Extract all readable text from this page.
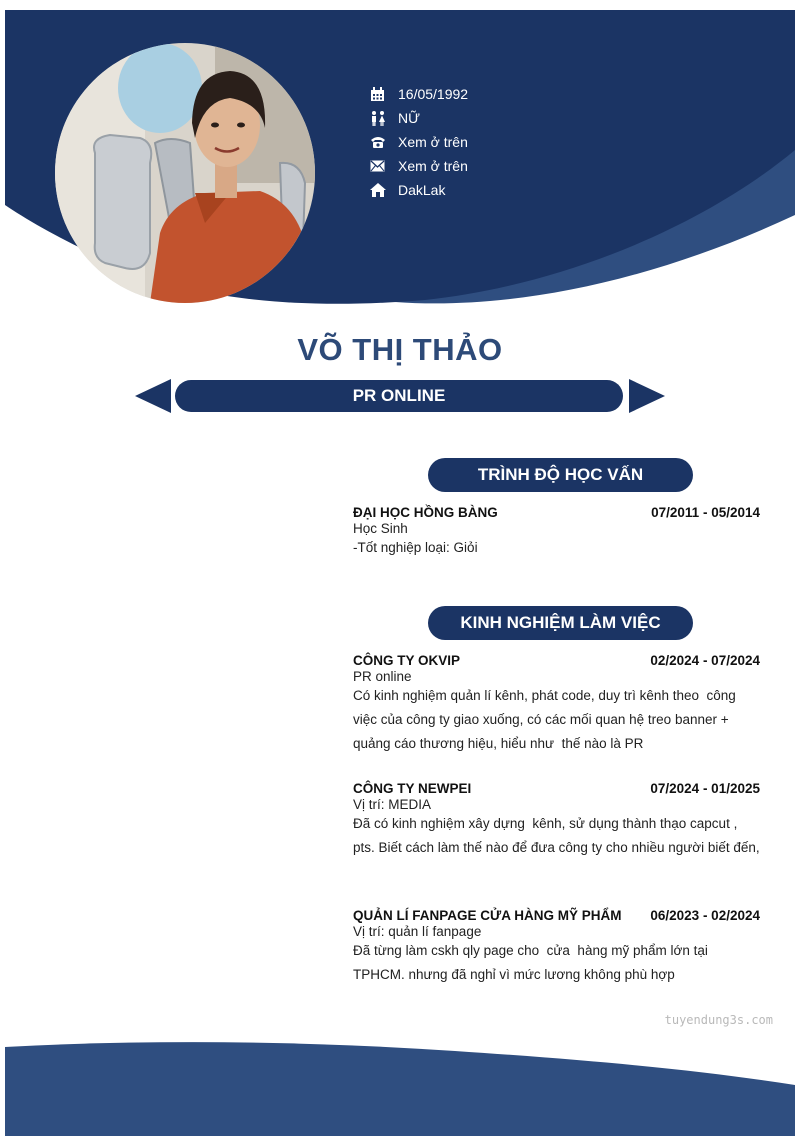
16/05/1992
NỮ
Xem ở trên
Xem ở trên
DakLak
VÕ THỊ THẢO
PR ONLINE
TRÌNH ĐỘ HỌC VẤN
ĐẠI HỌC HỒNG BÀNG	07/2011 - 05/2014
Học Sinh
-Tốt nghiệp loại: Giỏi
KINH NGHIỆM LÀM VIỆC
CÔNG TY OKVIP	02/2024 - 07/2024
PR online
Có kinh nghiệm quản lí kênh, phát code, duy trì kênh theo  công việc của công ty giao xuống, có các mối quan hệ treo banner + quảng cáo thương hiệu, hiểu như  thế nào là PR
CÔNG TY NEWPEI	07/2024 - 01/2025
Vị trí: MEDIA
Đã có kinh nghiệm xây dựng  kênh, sử dụng thành thạo capcut , pts. Biết cách làm thế nào để đưa công ty cho nhiều người biết đến,
QUẢN LÍ FANPAGE CỬA HÀNG MỸ PHẨM 06/2023 - 02/2024
Vị trí: quản lí fanpage
Đã từng làm cskh qly page cho  cửa  hàng mỹ phẩm lớn tại TPHCM. nhưng đã nghỉ vì mức lương không phù hợp
tuyendung3s.com
